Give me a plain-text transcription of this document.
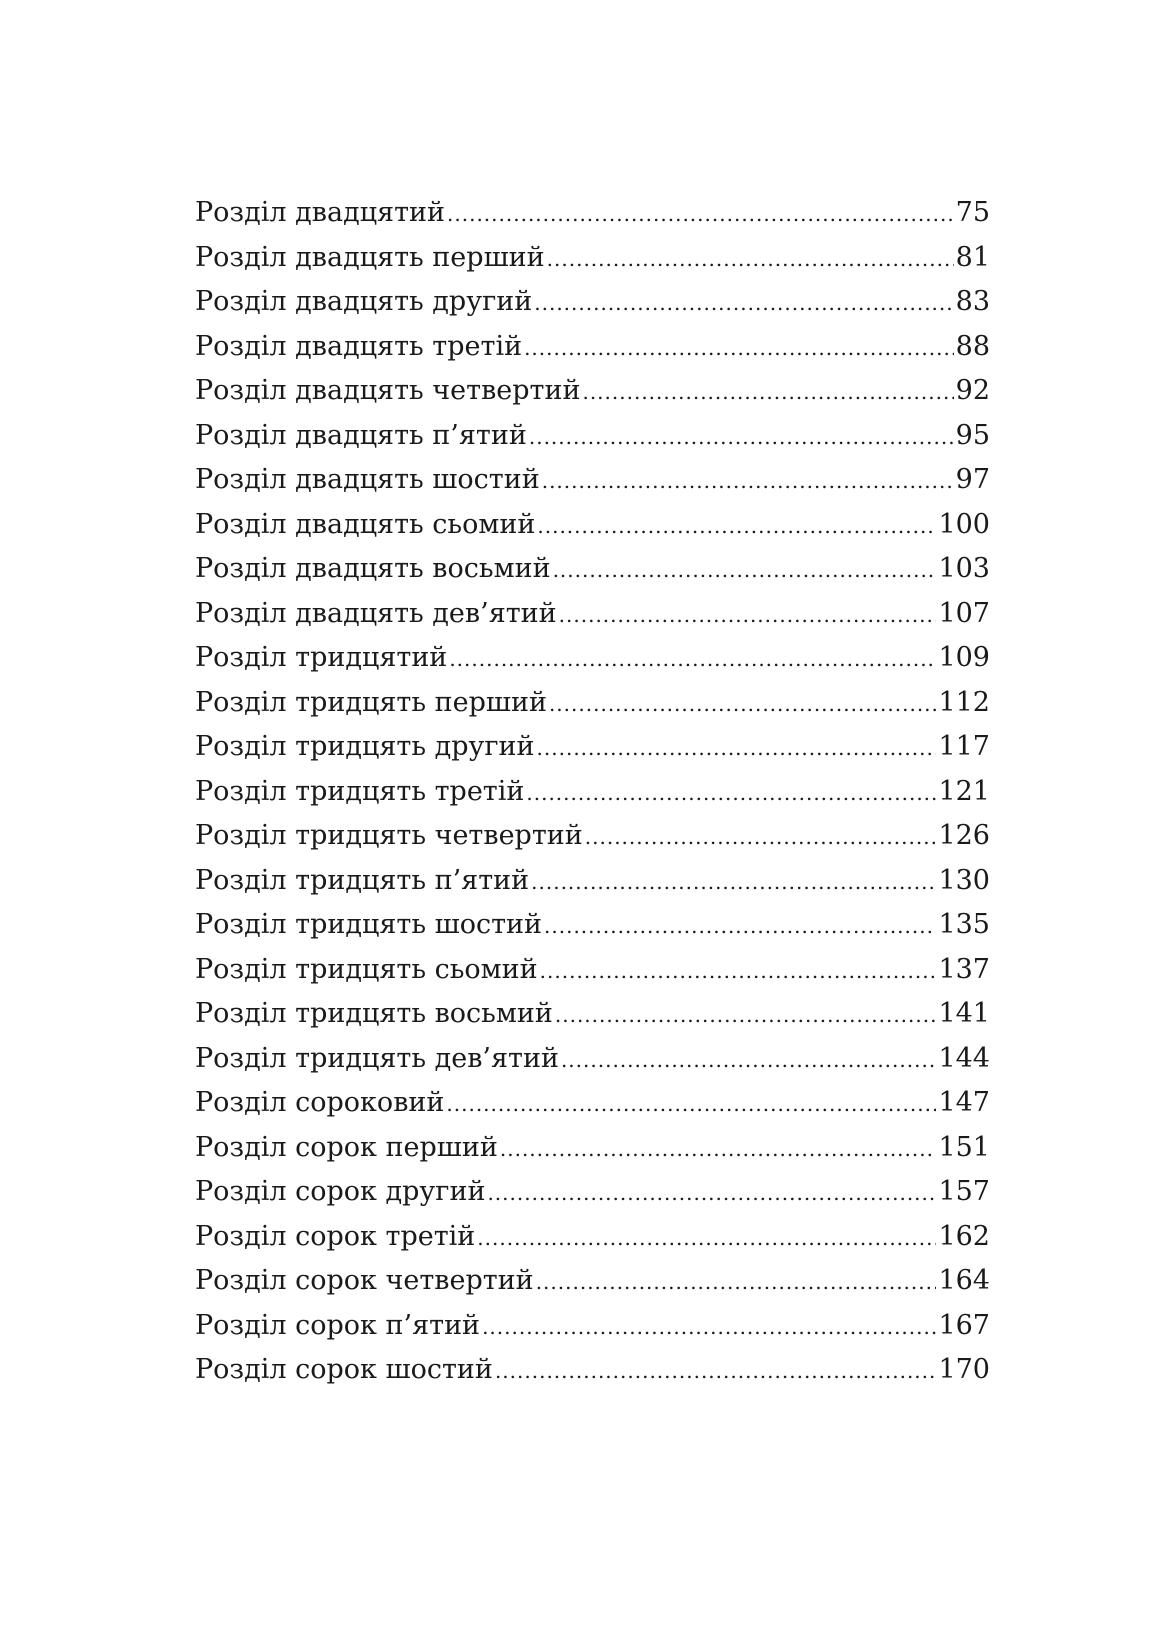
Розділ двадцятий .....	75
Розділ двадцять перший .....	81
Розділ двадцять другий .....	83
Розділ двадцять третій .....	88
Розділ двадцять четвертий .....	92
Розділ двадцять п’ятий .....	95
Розділ двадцять шостий .....	97
Розділ двадцять сьомий .....	100
Розділ двадцять восьмий .....	103
Розділ двадцять дев’ятий .....	107
Розділ тридцятий .....	109
Розділ тридцять перший .....	112
Розділ тридцять другий .....	117
Розділ тридцять третій .....	121
Розділ тридцять четвертий .....	126
Розділ тридцять п’ятий .....	130
Розділ тридцять шостий .....	135
Розділ тридцять сьомий .....	137
Розділ тридцять восьмий .....	141
Розділ тридцять дев’ятий .....	144
Розділ сороковий .....	147
Розділ сорок перший .....	151
Розділ сорок другий .....	157
Розділ сорок третій .....	162
Розділ сорок четвертий .....	164
Розділ сорок п’ятий .....	167
Розділ сорок шостий .....	170
